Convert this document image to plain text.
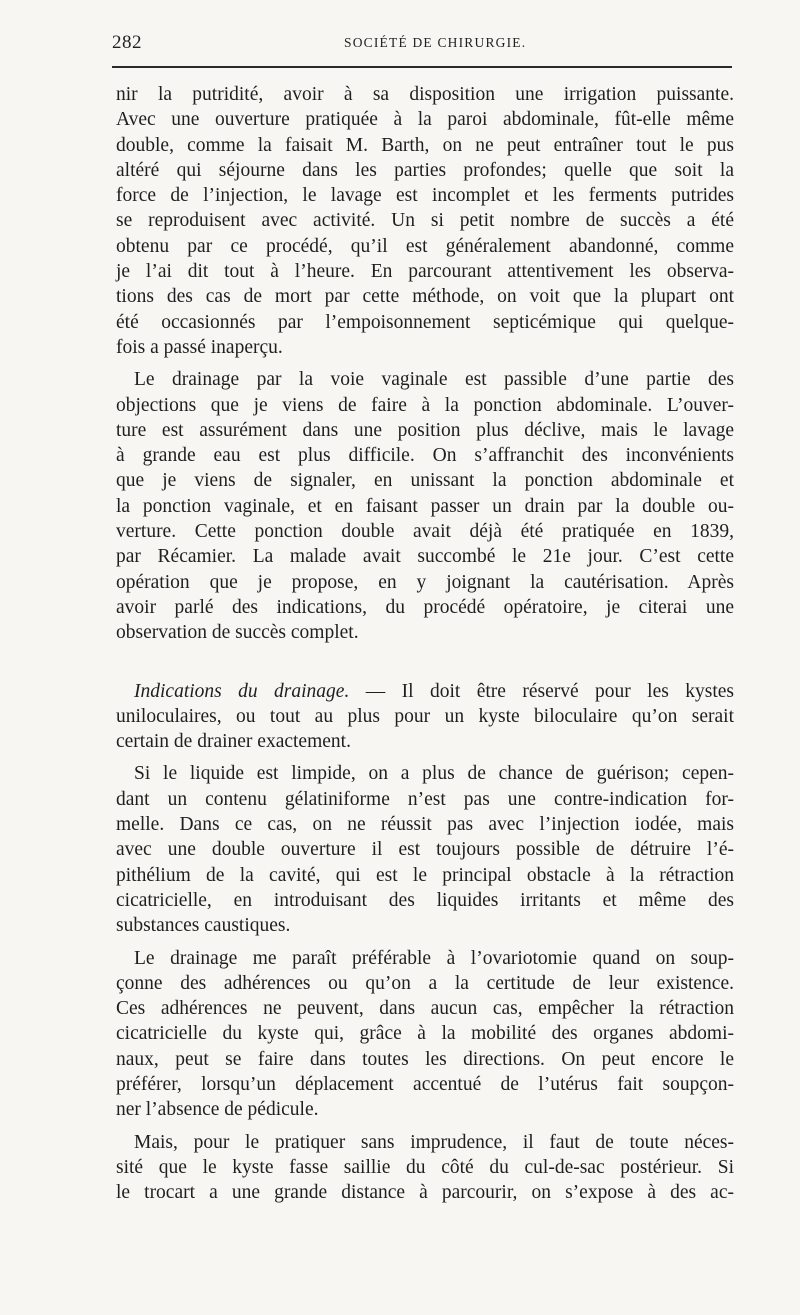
282	SOCIÉTÉ DE CHIRURGIE.
nir la putridité, avoir à sa disposition une irrigation puissante.
Avec une ouverture pratiquée à la paroi abdominale, fût-elle même
double, comme la faisait M. Barth, on ne peut entraîner tout le pus
altéré qui séjourne dans les parties profondes; quelle que soit la
force de l’injection, le lavage est incomplet et les ferments putrides
se reproduisent avec activité. Un si petit nombre de succès a été
obtenu par ce procédé, qu’il est généralement abandonné, comme
je l’ai dit tout à l’heure. En parcourant attentivement les observa-
tions des cas de mort par cette méthode, on voit que la plupart ont
été occasionnés par l’empoisonnement septicémique qui quelque-
fois a passé inaperçu.
Le drainage par la voie vaginale est passible d’une partie des
objections que je viens de faire à la ponction abdominale. L’ouver-
ture est assurément dans une position plus déclive, mais le lavage
à grande eau est plus difficile. On s’affranchit des inconvénients
que je viens de signaler, en unissant la ponction abdominale et
la ponction vaginale, et en faisant passer un drain par la double ou-
verture. Cette ponction double avait déjà été pratiquée en 1839,
par Récamier. La malade avait succombé le 21e jour. C’est cette
opération que je propose, en y joignant la cautérisation. Après
avoir parlé des indications, du procédé opératoire, je citerai une
observation de succès complet.
Indications du drainage. — Il doit être réservé pour les kystes
uniloculaires, ou tout au plus pour un kyste biloculaire qu’on serait
certain de drainer exactement.
Si le liquide est limpide, on a plus de chance de guérison; cepen-
dant un contenu gélatiniforme n’est pas une contre-indication for-
melle. Dans ce cas, on ne réussit pas avec l’injection iodée, mais
avec une double ouverture il est toujours possible de détruire l’é-
pithélium de la cavité, qui est le principal obstacle à la rétraction
cicatricielle, en introduisant des liquides irritants et même des
substances caustiques.
Le drainage me paraît préférable à l’ovariotomie quand on soup-
çonne des adhérences ou qu’on a la certitude de leur existence.
Ces adhérences ne peuvent, dans aucun cas, empêcher la rétraction
cicatricielle du kyste qui, grâce à la mobilité des organes abdomi-
naux, peut se faire dans toutes les directions. On peut encore le
préférer, lorsqu’un déplacement accentué de l’utérus fait soupçon-
ner l’absence de pédicule.
Mais, pour le pratiquer sans imprudence, il faut de toute néces-
sité que le kyste fasse saillie du côté du cul-de-sac postérieur. Si
le trocart a une grande distance à parcourir, on s’expose à des ac-
